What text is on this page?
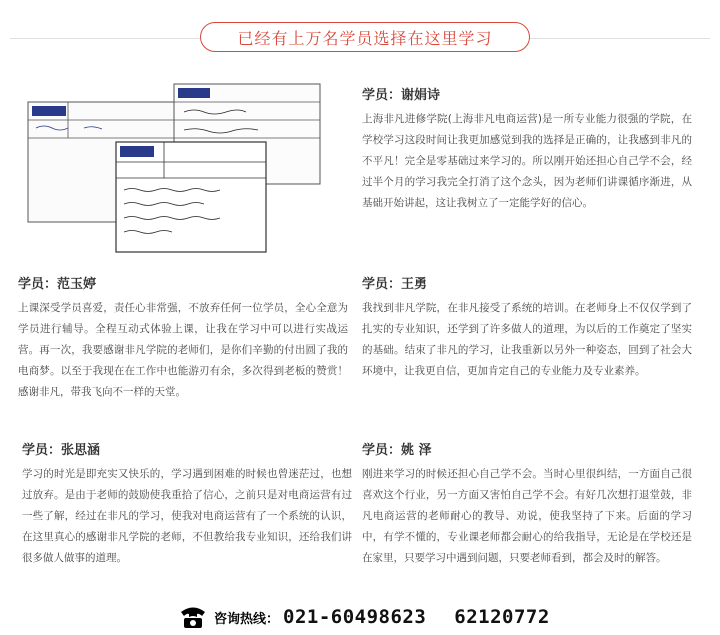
已经有上万名学员选择在这里学习
学员：谢娟诗
上海非凡进修学院(上海非凡电商运营)是一所专业能力很强的学院，在学校学习这段时间让我更加感觉到我的选择是正确的，让我感到非凡的不平凡！完全是零基础过来学习的。所以刚开始还担心自己学不会，经过半个月的学习我完全打消了这个念头，因为老师们讲课循序渐进，从基础开始讲起，这让我树立了一定能学好的信心。
学员：范玉婷
上课深受学员喜爱，责任心非常强，不放弃任何一位学员，全心全意为学员进行辅导。全程互动式体验上课，让我在学习中可以进行实战运营。再一次，我要感谢非凡学院的老师们，是你们辛勤的付出圆了我的电商梦。以至于我现在在工作中也能游刃有余，多次得到老板的赞赏！ 感谢非凡，带我飞向不一样的天堂。
学员：王勇
我找到非凡学院，在非凡接受了系统的培训。在老师身上不仅仅学到了扎实的专业知识，还学到了许多做人的道理，为以后的工作奠定了坚实的基础。结束了非凡的学习，让我重新以另外一种姿态，回到了社会大环境中，让我更自信，更加肯定自己的专业能力及专业素养。
学员：张思涵
学习的时光是即充实又快乐的，学习遇到困难的时候也曾迷茫过，也想过放弃。是由于老师的鼓励使我重拾了信心，之前只是对电商运营有过一些了解，经过在非凡的学习，使我对电商运营有了一个系统的认识，在这里真心的感谢非凡学院的老师，不但教给我专业知识，还给我们讲很多做人做事的道理。
学员：姚 泽
刚进来学习的时候还担心自己学不会。当时心里很纠结，一方面自己很喜欢这个行业，另一方面又害怕自己学不会。有好几次想打退堂鼓，非凡电商运营的老师耐心的教导、劝说，使我坚持了下来。后面的学习中，有学不懂的，专业课老师都会耐心的给我指导，无论是在学校还是在家里，只要学习中遇到问题，只要老师看到，都会及时的解答。
咨询热线： 021-60498623 62120772
